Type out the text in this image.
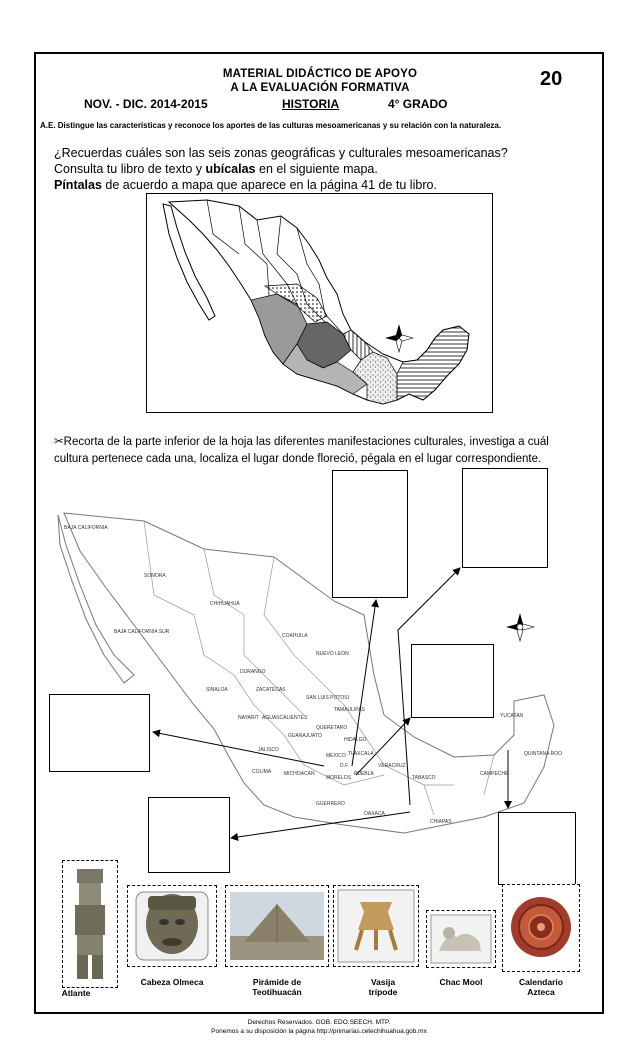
MATERIAL DIDÁCTICO DE APOYO
A LA EVALUACIÓN FORMATIVA	20
NOV. - DIC. 2014-2015	HISTORIA	4° GRADO
A.E. Distingue las características y reconoce los aportes de las culturas mesoamericanas y su relación con la naturaleza.
¿Recuerdas cuáles son las seis zonas geográficas y culturales mesoamericanas?
Consulta tu libro de texto y ubícalas en el siguiente mapa.
Píntalas de acuerdo a mapa que aparece en la página 41 de tu libro.
✂Recorta de la parte inferior de la hoja las diferentes manifestaciones culturales, investiga a cuál cultura pertenece cada una, localiza el lugar donde floreció, pégala en el lugar correspondiente.
BAJA CALIFORNIA
SONORA
CHIHUAHUA
BAJA CALIFORNIA SUR
COAHUILA
NUEVO LEON
DURANGO
SINALOA	ZACATECAS
SAN LUIS POTOSI
TAMAULIPAS
NAYARIT AGUASCALIENTES
JALISCO
GUANAJUATO
QUERETARO
HIDALGO
COLIMA	MICHOACAN
MEXICO
D.F.
TLAXCALA
VERACRUZ
MORELOS
PUEBLA
GUERRERO
OAXACA
CHIAPAS
TABASCO
CAMPECHE
YUCATAN
QUINTANA ROO
Atlante
Cabeza Olmeca	Pirámide de
Teotihuacán
Vasija
trípode
Chac Mool	Calendario
Azteca
Derechos Reservados. GOB. EDO.SEECH. MTP.
Ponemos a su disposición la página http://primarias.cetechihuahua.gob.mx
